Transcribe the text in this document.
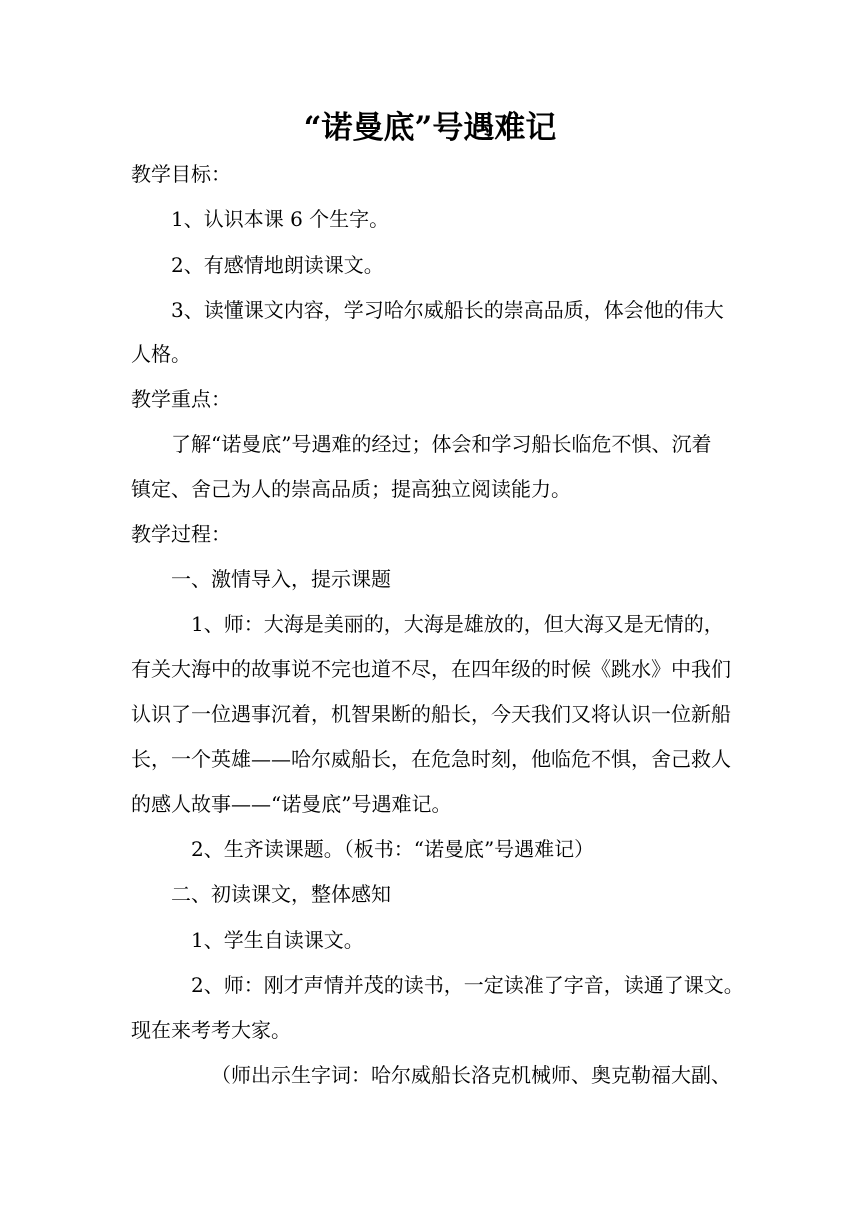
“诺曼底”号遇难记
教学目标：
1、认识本课 6 个生字。
2、有感情地朗读课文。
3、读懂课文内容，学习哈尔威船长的崇高品质，体会他的伟大
人格。
教学重点：
了解“诺曼底”号遇难的经过；体会和学习船长临危不惧、沉着
镇定、舍己为人的崇高品质；提高独立阅读能力。
教学过程：
一、激情导入，提示课题
1、师：大海是美丽的，大海是雄放的，但大海又是无情的，
有关大海中的故事说不完也道不尽，在四年级的时候《跳水》中我们
认识了一位遇事沉着，机智果断的船长，今天我们又将认识一位新船
长，一个英雄——哈尔威船长，在危急时刻，他临危不惧，舍己救人
的感人故事——“诺曼底”号遇难记。
2、生齐读课题。（板书：“诺曼底”号遇难记）
二、初读课文，整体感知
1、学生自读课文。
2、师：刚才声情并茂的读书，一定读准了字音，读通了课文。
现在来考考大家。
（师出示生字词：哈尔威船长洛克机械师、奥克勒福大副、
